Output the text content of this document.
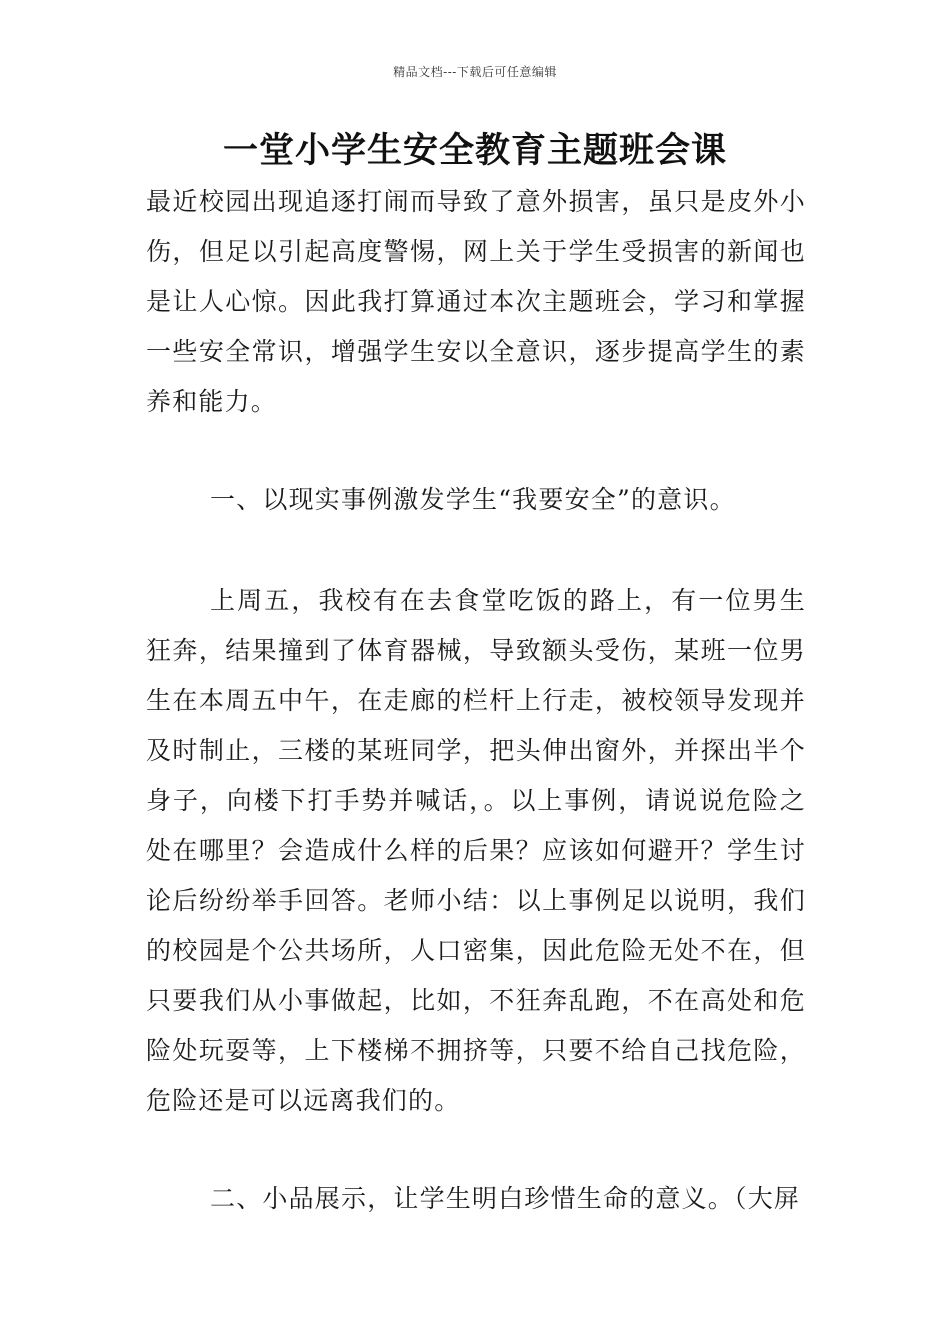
精品文档---下载后可任意编辑
一堂小学生安全教育主题班会课

最近校园出现追逐打闹而导致了意外损害，虽只是皮外小伤，但足以引起高度警惕，网上关于学生受损害的新闻也是让人心惊。因此我打算通过本次主题班会，学习和掌握一些安全常识，增强学生安以全意识，逐步提高学生的素养和能力。

一、以现实事例激发学生“我要安全”的意识。

上周五，我校有在去食堂吃饭的路上，有一位男生狂奔，结果撞到了体育器械，导致额头受伤，某班一位男生在本周五中午，在走廊的栏杆上行走，被校领导发现并及时制止，三楼的某班同学，把头伸出窗外，并探出半个身子，向楼下打手势并喊话，。以上事例，请说说危险之处在哪里？会造成什么样的后果？应该如何避开？学生讨论后纷纷举手回答。老师小结：以上事例足以说明，我们的校园是个公共场所，人口密集，因此危险无处不在，但只要我们从小事做起，比如，不狂奔乱跑，不在高处和危险处玩耍等，上下楼梯不拥挤等，只要不给自己找危险，危险还是可以远离我们的。

二、小品展示，让学生明白珍惜生命的意义。（大屏
